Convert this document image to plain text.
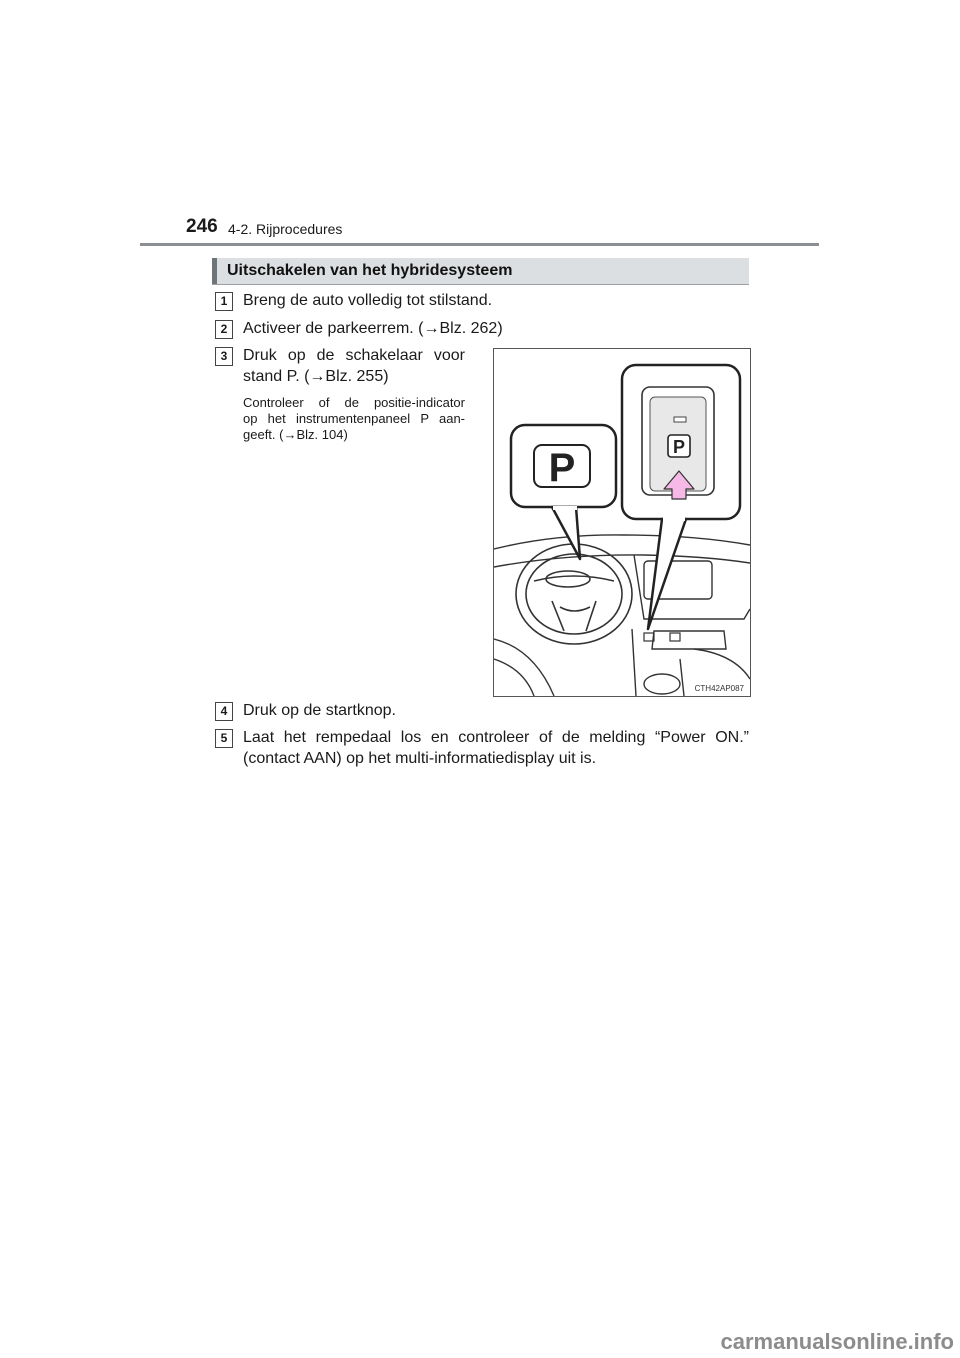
246 4-2. Rijprocedures
Uitschakelen van het hybridesysteem
1 Breng de auto volledig tot stilstand.
2 Activeer de parkeerrem. (→Blz. 262)
3 Druk op de schakelaar voor
stand P. (→Blz. 255)
Controleer of de positie-indicator
op het instrumentenpaneel P aan-
geeft. (→Blz. 104)
P	P
CTH42AP087
4 Druk op de startknop.
5 Laat het rempedaal los en controleer of de melding “Power ON.”
(contact AAN) op het multi-informatiedisplay uit is.
carmanualsonline.info
